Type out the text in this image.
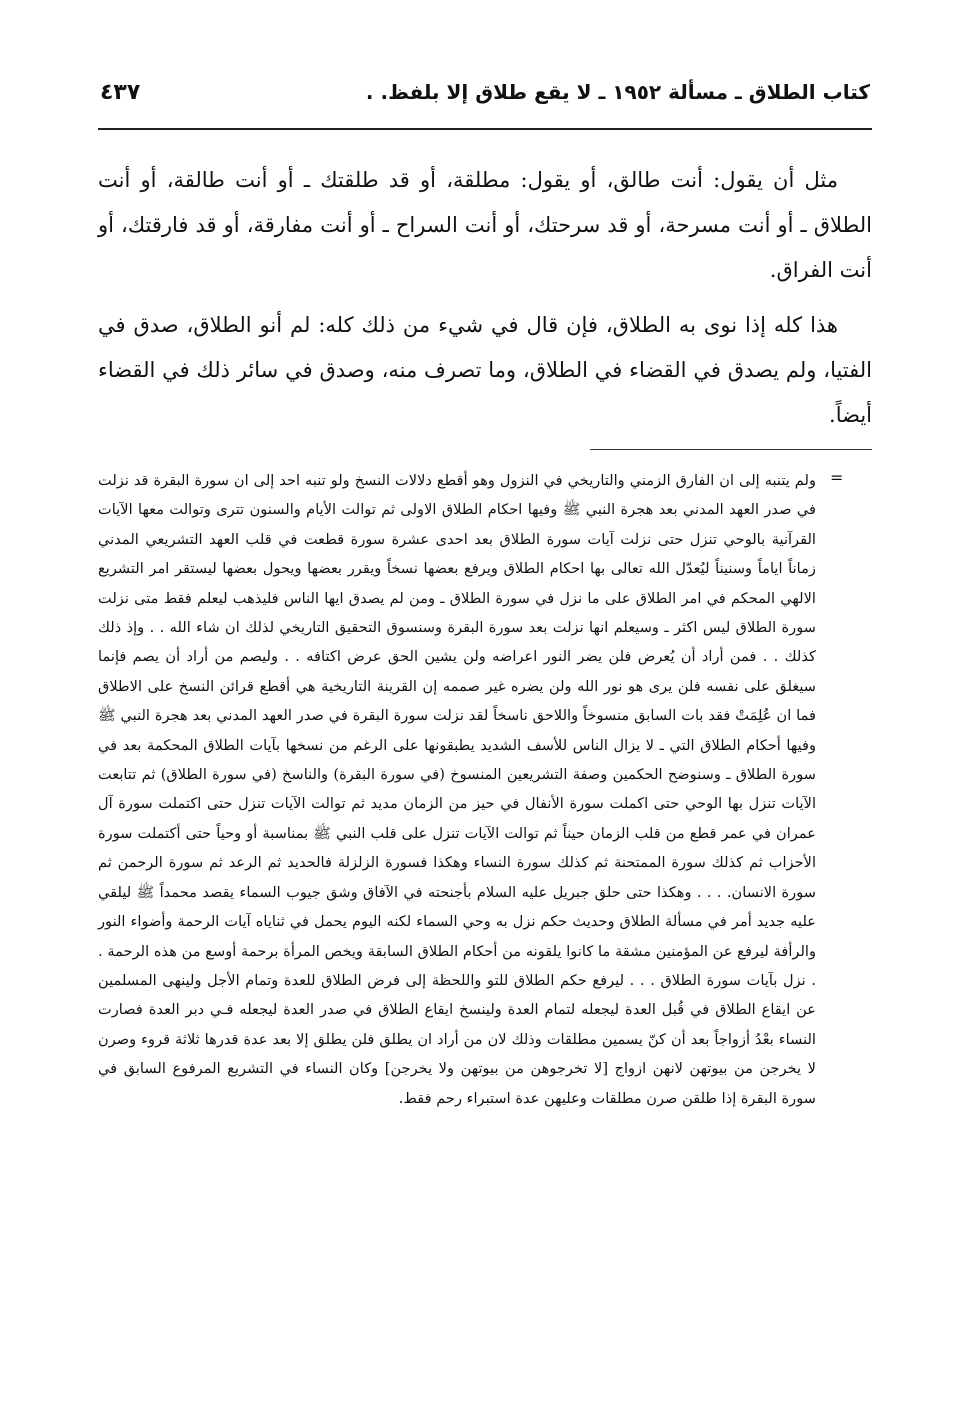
كتاب الطلاق ـ مسألة ١٩٥٢ ـ لا يقع طلاق إلا بلفظ. .
٤٣٧

مثل أن يقول: أنت طالق، أو يقول: مطلقة، أو قد طلقتك ـ أو أنت طالقة، أو أنت الطلاق ـ أو أنت مسرحة، أو قد سرحتك، أو أنت السراح ـ أو أنت مفارقة، أو قد فارقتك، أو أنت الفراق.

هذا كله إذا نوى به الطلاق، فإن قال في شيء من ذلك كله: لم أنو الطلاق، صدق في الفتيا، ولم يصدق في القضاء في الطلاق، وما تصرف منه، وصدق في سائر ذلك في القضاء أيضاً.

=
ولم يتنبه إلى ان الفارق الزمني والتاريخي في النزول وهو أقطع دلالات النسخ ولو تنبه احد إلى ان سورة البقرة قد نزلت في صدر العهد المدني بعد هجرة النبي ﷺ وفيها احكام الطلاق الاولى ثم توالت الأيام والسنون تترى وتوالت معها الآيات القرآنية بالوحي تنزل حتى نزلت آيات سورة الطلاق بعد احدى عشرة سورة قطعت في قلب العهد التشريعي المدني زماناً اياماً وسنيناً ليُعدّل الله تعالى بها احكام الطلاق ويرفع بعضها نسخاً ويقرر بعضها ويحول بعضها ليستقر امر التشريع الالهي المحكم في امر الطلاق على ما نزل في سورة الطلاق ـ ومن لم يصدق ايها الناس فليذهب ليعلم فقط متى نزلت سورة الطلاق ليس اكثر ـ وسيعلم انها نزلت بعد سورة البقرة وسنسوق التحقيق التاريخي لذلك ان شاء الله . . وإذ ذلك كذلك . . فمن أراد أن يُعرض فلن يضر النور اعراضه ولن يشين الحق عرض اكتافه . . وليصم من أراد أن يصم فإنما سيغلق على نفسه فلن يرى هو نور الله ولن يضره غير صممه إن القرينة التاريخية هي أقطع قرائن النسخ على الاطلاق فما ان عُلِمَتْ فقد بات السابق منسوخاً واللاحق ناسخاً لقد نزلت سورة البقرة في صدر العهد المدني بعد هجرة النبي ﷺ وفيها أحكام الطلاق التي ـ لا يزال الناس للأسف الشديد يطبقونها على الرغم من نسخها بآيات الطلاق المحكمة بعد في سورة الطلاق ـ وسنوضح الحكمين وصفة التشريعين المنسوخ (في سورة البقرة) والناسخ (في سورة الطلاق) ثم تتابعت الآيات تنزل بها الوحي حتى اكملت سورة الأنفال في حيز من الزمان مديد ثم توالت الآيات تنزل حتى اكتملت سورة آل عمران في عمر قطع من قلب الزمان حيناً ثم توالت الآيات تنزل على قلب النبي ﷺ بمناسبة أو وحياً حتى أكتملت سورة الأحزاب ثم كذلك سورة الممتحنة ثم كذلك سورة النساء وهكذا فسورة الزلزلة فالحديد ثم الرعد ثم سورة الرحمن ثم سورة الانسان. . . . وهكذا حتى حلق جبريل عليه السلام بأجنحته في الآفاق وشق جيوب السماء يقصد محمداً ﷺ ليلقي عليه جديد أمر في مسألة الطلاق وحديث حكم نزل به وحي السماء لكنه اليوم يحمل في ثناياه آيات الرحمة وأضواء النور والرأفة ليرفع عن المؤمنين مشقة ما كانوا يلقونه من أحكام الطلاق السابقة ويخص المرأة برحمة أوسع من هذه الرحمة . . نزل بآيات سورة الطلاق . . . ليرفع حكم الطلاق للتو واللحظة إلى فرض الطلاق للعدة وتمام الأجل ولينهى المسلمين عن ايقاع الطلاق في قُبل العدة ليجعله لتمام العدة ولينسخ ايقاع الطلاق في صدر العدة ليجعله فـي دبر العدة فصارت النساء بعْدُ أزواجاً بعد أن كنّ يسمين مطلقات وذلك لان من أراد ان يطلق فلن يطلق إلا بعد عدة قدرها ثلاثة قروء وصرن لا يخرجن من بيوتهن لانهن ازواج [لا تخرجوهن من بيوتهن ولا يخرجن] وكان النساء في التشريع المرفوع السابق في سورة البقرة إذا طلقن صرن مطلقات وعليهن عدة استبراء رحم فقط.
